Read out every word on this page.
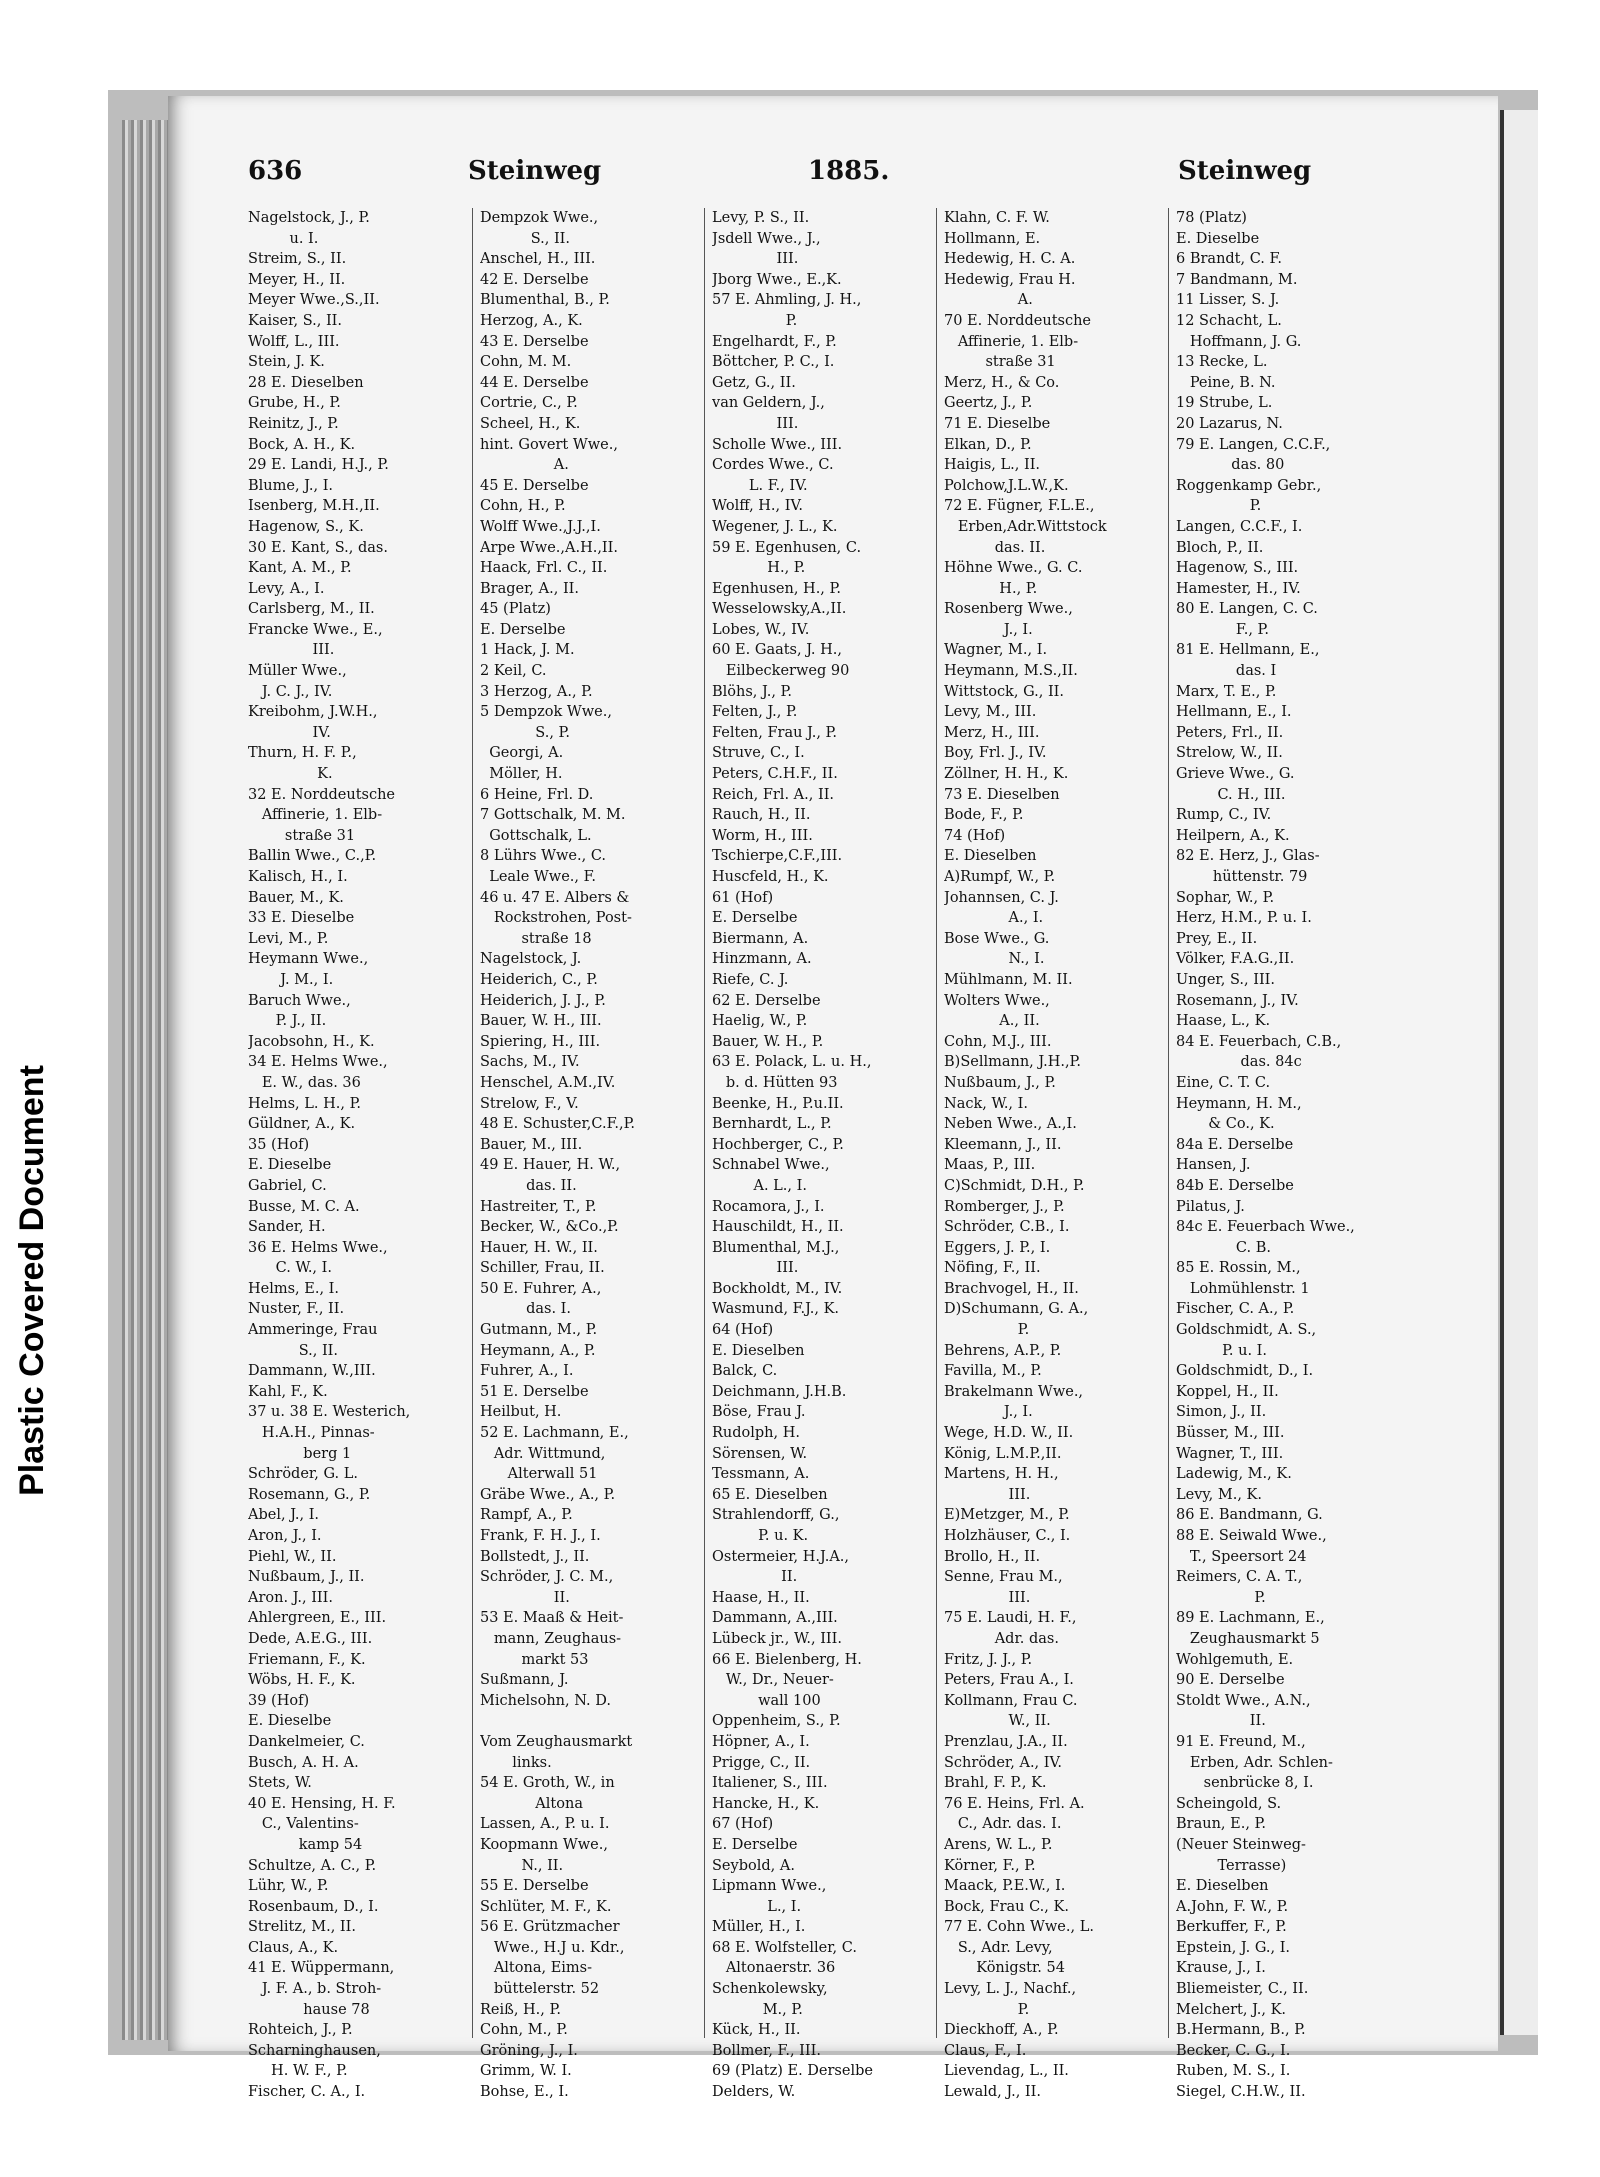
Plastic Covered Document
636	Steinweg	1885.	Steinweg
Nagelstock, J., P.
u. I.
Streim, S., II.
Meyer, H., II.
Meyer Wwe.,S.,II.
Kaiser, S., II.
Wolff, L., III.
Stein, J. K.
28 E. Dieselben
Grube, H., P.
Reinitz, J., P.
Bock, A. H., K.
29 E. Landi, H.J., P.
Blume, J., I.
Isenberg, M.H.,II.
Hagenow, S., K.
30 E. Kant, S., das.
Kant, A. M., P.
Levy, A., I.
Carlsberg, M., II.
Francke Wwe., E.,
III.
Müller Wwe.,
J. C. J., IV.
Kreibohm, J.W.H.,
IV.
Thurn, H. F. P.,
K.
32 E. Norddeutsche
Affinerie, 1. Elb-
straße 31
Ballin Wwe., C.,P.
Kalisch, H., I.
Bauer, M., K.
33 E. Dieselbe
Levi, M., P.
Heymann Wwe.,
J. M., I.
Baruch Wwe.,
P. J., II.
Jacobsohn, H., K.
34 E. Helms Wwe.,
E. W., das. 36
Helms, L. H., P.
Güldner, A., K.
35 (Hof)
E. Dieselbe
Gabriel, C.
Busse, M. C. A.
Sander, H.
36 E. Helms Wwe.,
C. W., I.
Helms, E., I.
Nuster, F., II.
Ammeringe, Frau
S., II.
Dammann, W.,III.
Kahl, F., K.
37 u. 38 E. Westerich,
H.A.H., Pinnas-
berg 1
Schröder, G. L.
Rosemann, G., P.
Abel, J., I.
Aron, J., I.
Piehl, W., II.
Nußbaum, J., II.
Aron. J., III.
Ahlergreen, E., III.
Dede, A.E.G., III.
Friemann, F., K.
Wöbs, H. F., K.
39 (Hof)
E. Dieselbe
Dankelmeier, C.
Busch, A. H. A.
Stets, W.
40 E. Hensing, H. F.
C., Valentins-
kamp 54
Schultze, A. C., P.
Lühr, W., P.
Rosenbaum, D., I.
Strelitz, M., II.
Claus, A., K.
41 E. Wüppermann,
J. F. A., b. Stroh-
hause 78
Rohteich, J., P.
Scharninghausen,
H. W. F., P.
Fischer, C. A., I.
Dempzok Wwe.,
S., II.
Anschel, H., III.
42 E. Derselbe
Blumenthal, B., P.
Herzog, A., K.
43 E. Derselbe
Cohn, M. M.
44 E. Derselbe
Cortrie, C., P.
Scheel, H., K.
hint. Govert Wwe.,
A.
45 E. Derselbe
Cohn, H., P.
Wolff Wwe.,J.J.,I.
Arpe Wwe.,A.H.,II.
Haack, Frl. C., II.
Brager, A., II.
45 (Platz)
E. Derselbe
1 Hack, J. M.
2 Keil, C.
3 Herzog, A., P.
5 Dempzok Wwe.,
S., P.
Georgi, A.
Möller, H.
6 Heine, Frl. D.
7 Gottschalk, M. M.
Gottschalk, L.
8 Lührs Wwe., C.
Leale Wwe., F.
46 u. 47 E. Albers &
Rockstrohen, Post-
straße 18
Nagelstock, J.
Heiderich, C., P.
Heiderich, J. J., P.
Bauer, W. H., III.
Spiering, H., III.
Sachs, M., IV.
Henschel, A.M.,IV.
Strelow, F., V.
48 E. Schuster,C.F.,P.
Bauer, M., III.
49 E. Hauer, H. W.,
das. II.
Hastreiter, T., P.
Becker, W., &Co.,P.
Hauer, H. W., II.
Schiller, Frau, II.
50 E. Fuhrer, A.,
das. I.
Gutmann, M., P.
Heymann, A., P.
Fuhrer, A., I.
51 E. Derselbe
Heilbut, H.
52 E. Lachmann, E.,
Adr. Wittmund,
Alterwall 51
Gräbe Wwe., A., P.
Rampf, A., P.
Frank, F. H. J., I.
Bollstedt, J., II.
Schröder, J. C. M.,
II.
53 E. Maaß & Heit-
mann, Zeughaus-
markt 53
Sußmann, J.
Michelsohn, N. D.
Vom Zeughausmarkt
links.
54 E. Groth, W., in
Altona
Lassen, A., P. u. I.
Koopmann Wwe.,
N., II.
55 E. Derselbe
Schlüter, M. F., K.
56 E. Grützmacher
Wwe., H.J u. Kdr.,
Altona, Eims-
büttelerstr. 52
Reiß, H., P.
Cohn, M., P.
Gröning, J., I.
Grimm, W. I.
Bohse, E., I.
Levy, P. S., II.
Jsdell Wwe., J.,
III.
Jborg Wwe., E.,K.
57 E. Ahmling, J. H.,
P.
Engelhardt, F., P.
Böttcher, P. C., I.
Getz, G., II.
van Geldern, J.,
III.
Scholle Wwe., III.
Cordes Wwe., C.
L. F., IV.
Wolff, H., IV.
Wegener, J. L., K.
59 E. Egenhusen, C.
H., P.
Egenhusen, H., P.
Wesselowsky,A.,II.
Lobes, W., IV.
60 E. Gaats, J. H.,
Eilbeckerweg 90
Blöhs, J., P.
Felten, J., P.
Felten, Frau J., P.
Struve, C., I.
Peters, C.H.F., II.
Reich, Frl. A., II.
Rauch, H., II.
Worm, H., III.
Tschierpe,C.F.,III.
Huscfeld, H., K.
61 (Hof)
E. Derselbe
Biermann, A.
Hinzmann, A.
Riefe, C. J.
62 E. Derselbe
Haelig, W., P.
Bauer, W. H., P.
63 E. Polack, L. u. H.,
b. d. Hütten 93
Beenke, H., P.u.II.
Bernhardt, L., P.
Hochberger, C., P.
Schnabel Wwe.,
A. L., I.
Rocamora, J., I.
Hauschildt, H., II.
Blumenthal, M.J.,
III.
Bockholdt, M., IV.
Wasmund, F.J., K.
64 (Hof)
E. Dieselben
Balck, C.
Deichmann, J.H.B.
Böse, Frau J.
Rudolph, H.
Sörensen, W.
Tessmann, A.
65 E. Dieselben
Strahlendorff, G.,
P. u. K.
Ostermeier, H.J.A.,
II.
Haase, H., II.
Dammann, A.,III.
Lübeck jr., W., III.
66 E. Bielenberg, H.
W., Dr., Neuer-
wall 100
Oppenheim, S., P.
Höpner, A., I.
Prigge, C., II.
Italiener, S., III.
Hancke, H., K.
67 (Hof)
E. Derselbe
Seybold, A.
Lipmann Wwe.,
L., I.
Müller, H., I.
68 E. Wolfsteller, C.
Altonaerstr. 36
Schenkolewsky,
M., P.
Kück, H., II.
Bollmer, F., III.
69 (Platz) E. Derselbe
Delders, W.
Klahn, C. F. W.
Hollmann, E.
Hedewig, H. C. A.
Hedewig, Frau H.
A.
70 E. Norddeutsche
Affinerie, 1. Elb-
straße 31
Merz, H., & Co.
Geertz, J., P.
71 E. Dieselbe
Elkan, D., P.
Haigis, L., II.
Polchow,J.L.W.,K.
72 E. Fügner, F.L.E.,
Erben,Adr.Wittstock
das. II.
Höhne Wwe., G. C.
H., P.
Rosenberg Wwe.,
J., I.
Wagner, M., I.
Heymann, M.S.,II.
Wittstock, G., II.
Levy, M., III.
Merz, H., III.
Boy, Frl. J., IV.
Zöllner, H. H., K.
73 E. Dieselben
Bode, F., P.
74 (Hof)
E. Dieselben
A)Rumpf, W., P.
Johannsen, C. J.
A., I.
Bose Wwe., G.
N., I.
Mühlmann, M. II.
Wolters Wwe.,
A., II.
Cohn, M.J., III.
B)Sellmann, J.H.,P.
Nußbaum, J., P.
Nack, W., I.
Neben Wwe., A.,I.
Kleemann, J., II.
Maas, P., III.
C)Schmidt, D.H., P.
Romberger, J., P.
Schröder, C.B., I.
Eggers, J. P., I.
Nöfing, F., II.
Brachvogel, H., II.
D)Schumann, G. A.,
P.
Behrens, A.P., P.
Favilla, M., P.
Brakelmann Wwe.,
J., I.
Wege, H.D. W., II.
König, L.M.P.,II.
Martens, H. H.,
III.
E)Metzger, M., P.
Holzhäuser, C., I.
Brollo, H., II.
Senne, Frau M.,
III.
75 E. Laudi, H. F.,
Adr. das.
Fritz, J. J., P.
Peters, Frau A., I.
Kollmann, Frau C.
W., II.
Prenzlau, J.A., II.
Schröder, A., IV.
Brahl, F. P., K.
76 E. Heins, Frl. A.
C., Adr. das. I.
Arens, W. L., P.
Körner, F., P.
Maack, P.E.W., I.
Bock, Frau C., K.
77 E. Cohn Wwe., L.
S., Adr. Levy,
Königstr. 54
Levy, L. J., Nachf.,
P.
Dieckhoff, A., P.
Claus, F., I.
Lievendag, L., II.
Lewald, J., II.
78 (Platz)
E. Dieselbe
6 Brandt, C. F.
7 Bandmann, M.
11 Lisser, S. J.
12 Schacht, L.
Hoffmann, J. G.
13 Recke, L.
Peine, B. N.
19 Strube, L.
20 Lazarus, N.
79 E. Langen, C.C.F.,
das. 80
Roggenkamp Gebr.,
P.
Langen, C.C.F., I.
Bloch, P., II.
Hagenow, S., III.
Hamester, H., IV.
80 E. Langen, C. C.
F., P.
81 E. Hellmann, E.,
das. I
Marx, T. E., P.
Hellmann, E., I.
Peters, Frl., II.
Strelow, W., II.
Grieve Wwe., G.
C. H., III.
Rump, C., IV.
Heilpern, A., K.
82 E. Herz, J., Glas-
hüttenstr. 79
Sophar, W., P.
Herz, H.M., P. u. I.
Prey, E., II.
Völker, F.A.G.,II.
Unger, S., III.
Rosemann, J., IV.
Haase, L., K.
84 E. Feuerbach, C.B.,
das. 84c
Eine, C. T. C.
Heymann, H. M.,
& Co., K.
84a E. Derselbe
Hansen, J.
84b E. Derselbe
Pilatus, J.
84c E. Feuerbach Wwe.,
C. B.
85 E. Rossin, M.,
Lohmühlenstr. 1
Fischer, C. A., P.
Goldschmidt, A. S.,
P. u. I.
Goldschmidt, D., I.
Koppel, H., II.
Simon, J., II.
Büsser, M., III.
Wagner, T., III.
Ladewig, M., K.
Levy, M., K.
86 E. Bandmann, G.
88 E. Seiwald Wwe.,
T., Speersort 24
Reimers, C. A. T.,
P.
89 E. Lachmann, E.,
Zeughausmarkt 5
Wohlgemuth, E.
90 E. Derselbe
Stoldt Wwe., A.N.,
II.
91 E. Freund, M.,
Erben, Adr. Schlen-
senbrücke 8, I.
Scheingold, S.
Braun, E., P.
(Neuer Steinweg-
Terrasse)
E. Dieselben
A.John, F. W., P.
Berkuffer, F., P.
Epstein, J. G., I.
Krause, J., I.
Bliemeister, C., II.
Melchert, J., K.
B.Hermann, B., P.
Becker, C. G., I.
Ruben, M. S., I.
Siegel, C.H.W., II.
